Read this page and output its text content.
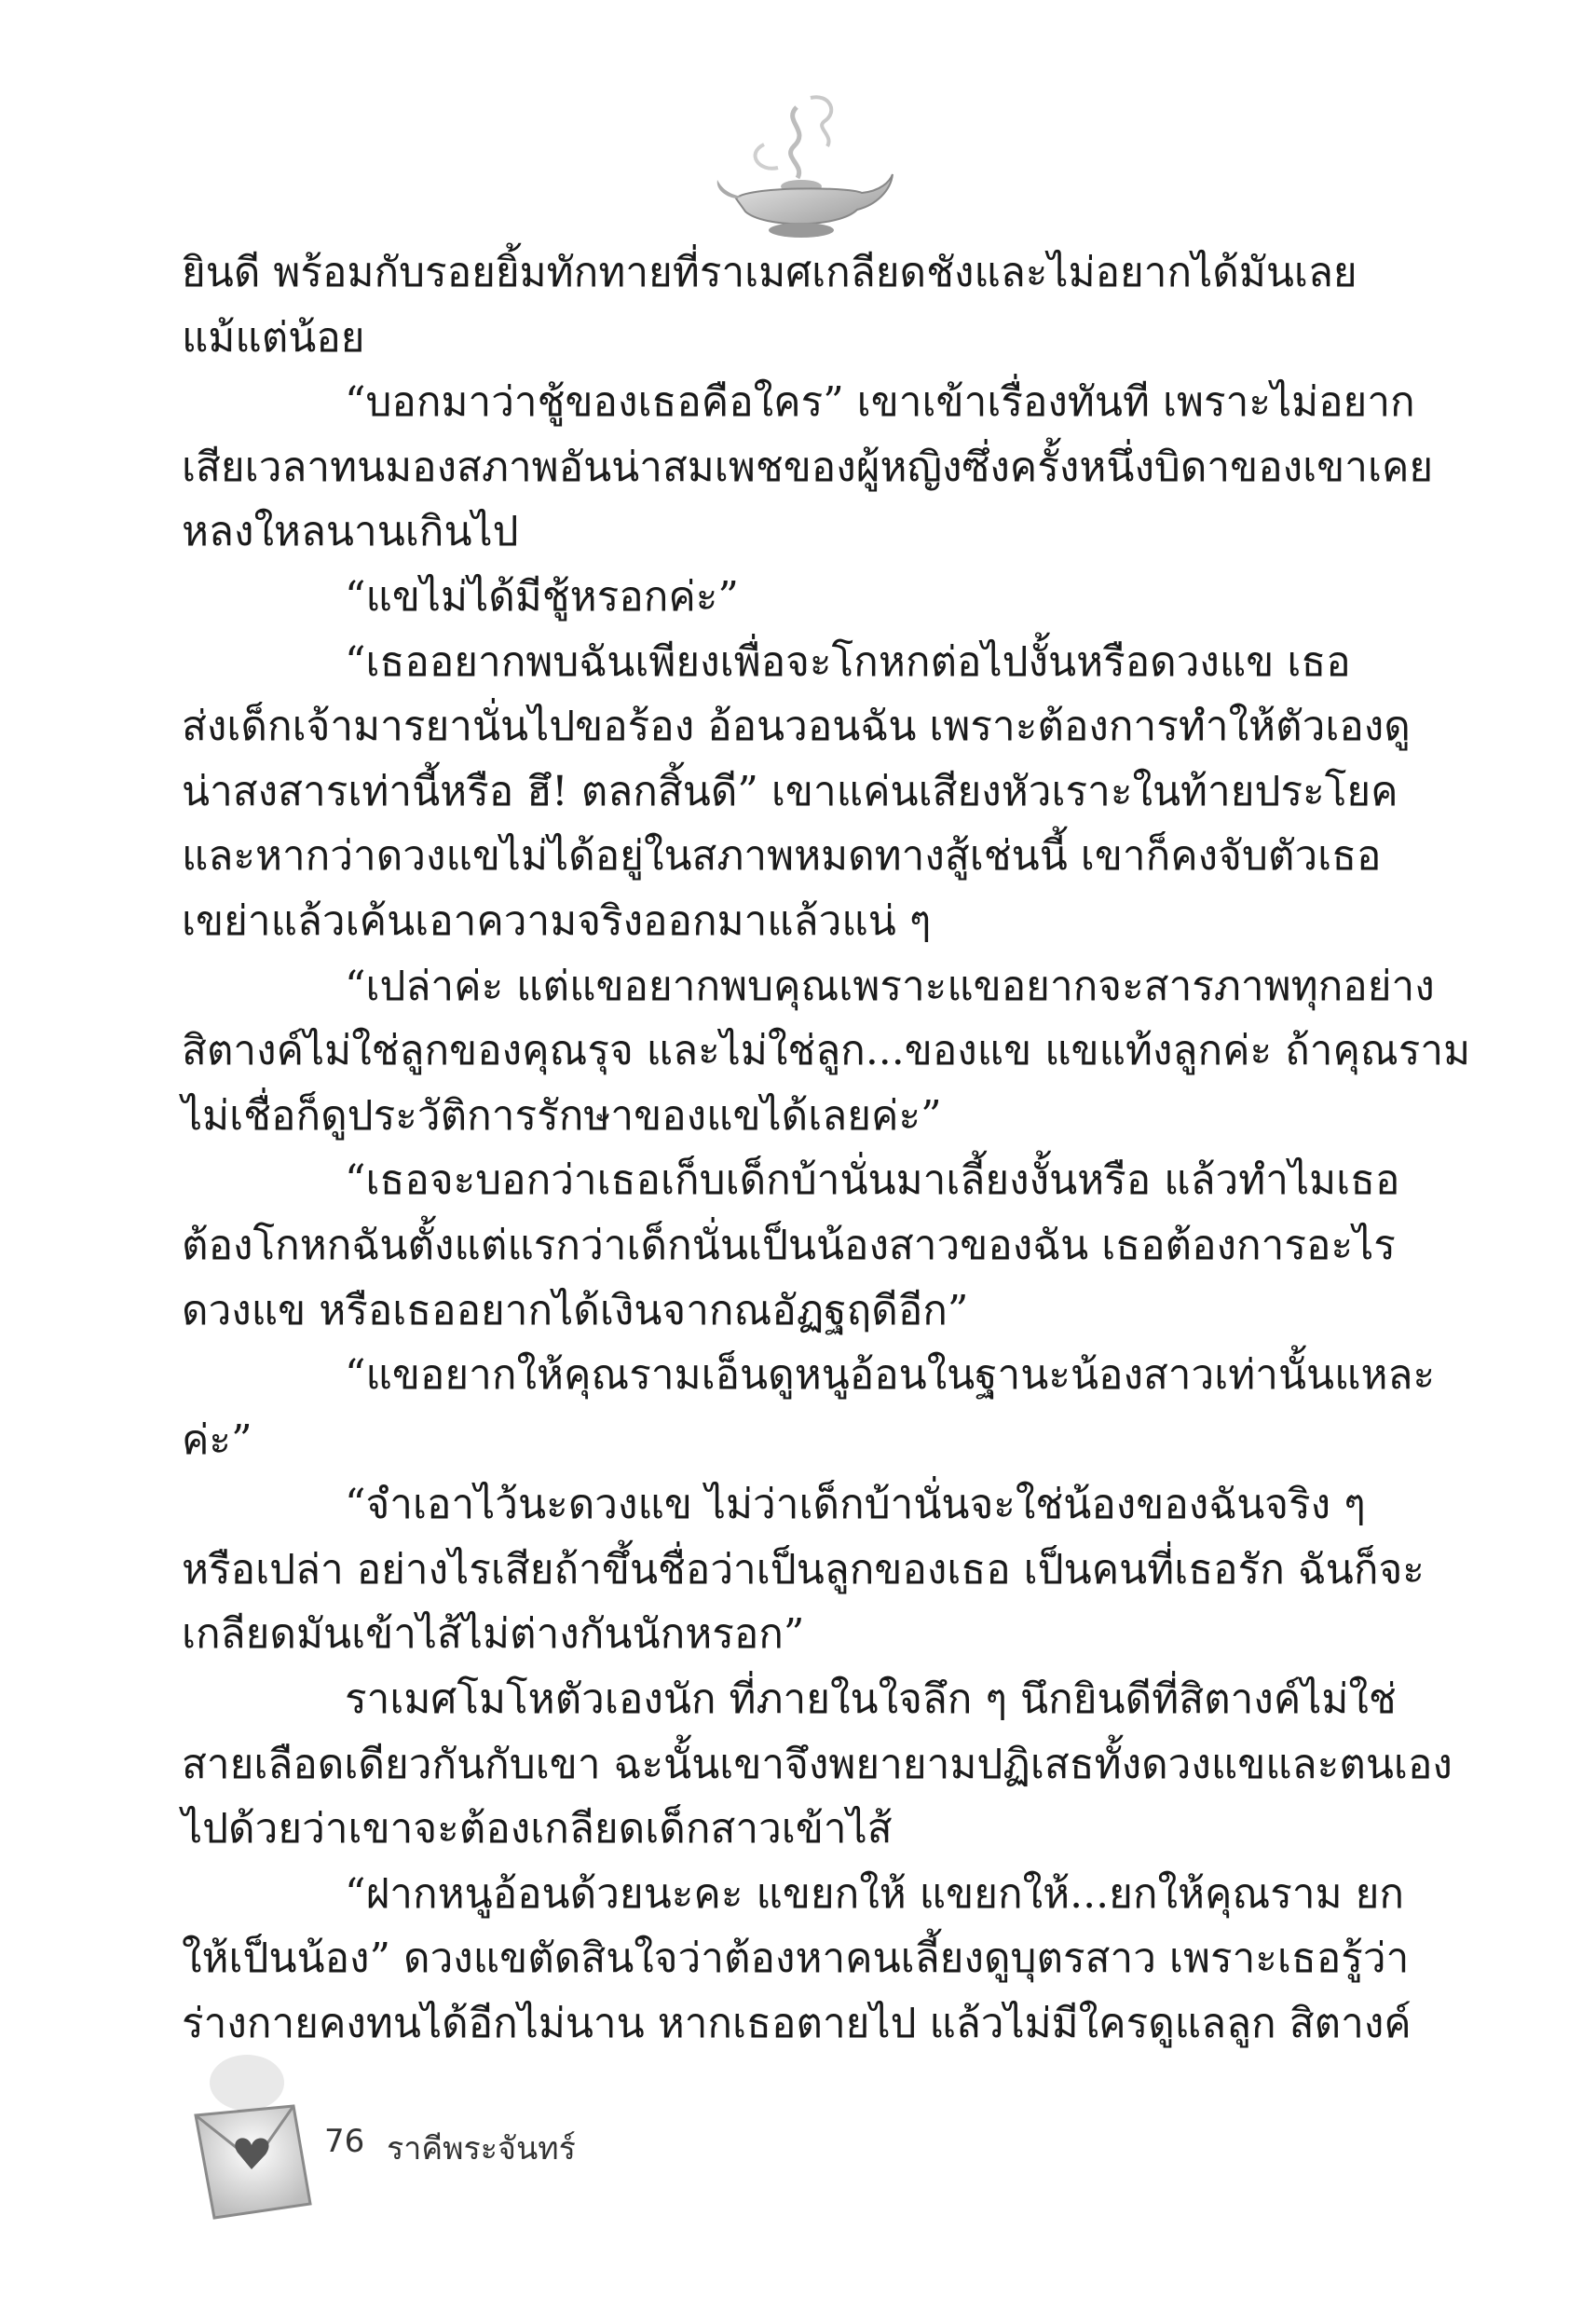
ยินดี พร้อมกับรอยยิ้มทักทายที่ราเมศเกลียดชังและไม่อยากได้มันเลย
แม้แต่น้อย
“บอกมาว่าชู้ของเธอคือใคร” เขาเข้าเรื่องทันที เพราะไม่อยาก
เสียเวลาทนมองสภาพอันน่าสมเพชของผู้หญิงซึ่งครั้งหนึ่งบิดาของเขาเคย
หลงใหลนานเกินไป
“แขไม่ได้มีชู้หรอกค่ะ”
“เธออยากพบฉันเพียงเพื่อจะโกหกต่อไปงั้นหรือดวงแข เธอ
ส่งเด็กเจ้ามารยานั่นไปขอร้อง อ้อนวอนฉัน เพราะต้องการทำให้ตัวเองดู
น่าสงสารเท่านี้หรือ ฮึ! ตลกสิ้นดี” เขาแค่นเสียงหัวเราะในท้ายประโยค
และหากว่าดวงแขไม่ได้อยู่ในสภาพหมดทางสู้เช่นนี้ เขาก็คงจับตัวเธอ
เขย่าแล้วเค้นเอาความจริงออกมาแล้วแน่ ๆ
“เปล่าค่ะ แต่แขอยากพบคุณเพราะแขอยากจะสารภาพทุกอย่าง
สิตางค์ไม่ใช่ลูกของคุณรุจ และไม่ใช่ลูก...ของแข แขแท้งลูกค่ะ ถ้าคุณราม
ไม่เชื่อก็ดูประวัติการรักษาของแขได้เลยค่ะ”
“เธอจะบอกว่าเธอเก็บเด็กบ้านั่นมาเลี้ยงงั้นหรือ แล้วทำไมเธอ
ต้องโกหกฉันตั้งแต่แรกว่าเด็กนั่นเป็นน้องสาวของฉัน เธอต้องการอะไร
ดวงแข หรือเธออยากได้เงินจากณอัฏฐฤดีอีก”
“แขอยากให้คุณรามเอ็นดูหนูอ้อนในฐานะน้องสาวเท่านั้นแหละ
ค่ะ”
“จำเอาไว้นะดวงแข ไม่ว่าเด็กบ้านั่นจะใช่น้องของฉันจริง ๆ
หรือเปล่า อย่างไรเสียถ้าขึ้นชื่อว่าเป็นลูกของเธอ เป็นคนที่เธอรัก ฉันก็จะ
เกลียดมันเข้าไส้ไม่ต่างกันนักหรอก”
ราเมศโมโหตัวเองนัก ที่ภายในใจลึก ๆ นึกยินดีที่สิตางค์ไม่ใช่
สายเลือดเดียวกันกับเขา ฉะนั้นเขาจึงพยายามปฏิเสธทั้งดวงแขและตนเอง
ไปด้วยว่าเขาจะต้องเกลียดเด็กสาวเข้าไส้
“ฝากหนูอ้อนด้วยนะคะ แขยกให้ แขยกให้...ยกให้คุณราม ยก
ให้เป็นน้อง” ดวงแขตัดสินใจว่าต้องหาคนเลี้ยงดูบุตรสาว เพราะเธอรู้ว่า
ร่างกายคงทนได้อีกไม่นาน หากเธอตายไป แล้วไม่มีใครดูแลลูก สิตางค์
76 ราคีพระจันทร์
